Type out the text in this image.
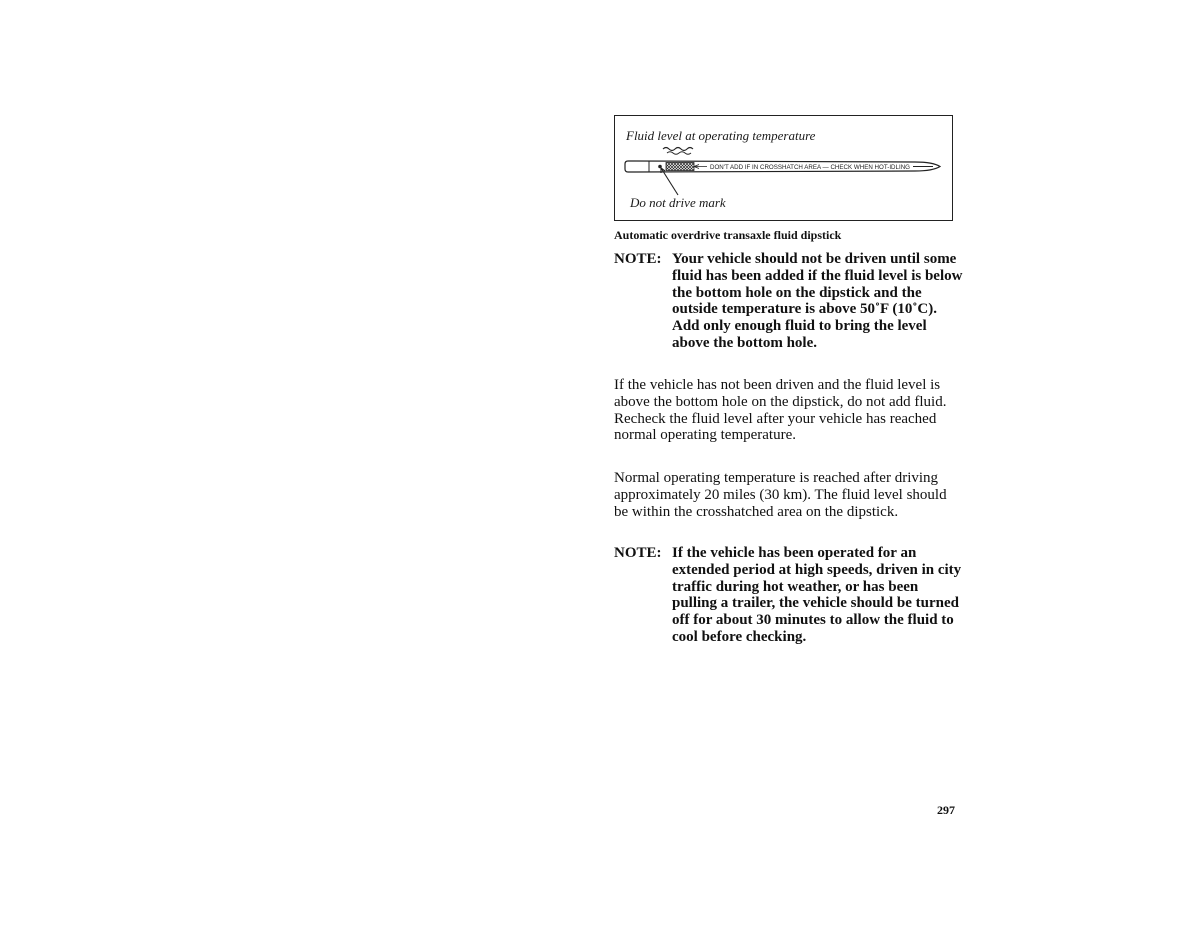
Fluid level at operating temperature
DON'T ADD IF IN CROSSHATCH AREA — CHECK WHEN HOT-IDLING
Do not drive mark
Automatic overdrive transaxle fluid dipstick
NOTE: Your vehicle should not be driven until some fluid has been added if the fluid level is below the bottom hole on the dipstick and the outside temperature is above 50˚F (10˚C). Add only enough fluid to bring the level above the bottom hole.

If the vehicle has not been driven and the fluid level is above the bottom hole on the dipstick, do not add fluid. Recheck the fluid level after your vehicle has reached normal operating temperature.

Normal operating temperature is reached after driving approximately 20 miles (30 km). The fluid level should be within the crosshatched area on the dipstick.

NOTE: If the vehicle has been operated for an extended period at high speeds, driven in city traffic during hot weather, or has been pulling a trailer, the vehicle should be turned off for about 30 minutes to allow the fluid to cool before checking.
297
